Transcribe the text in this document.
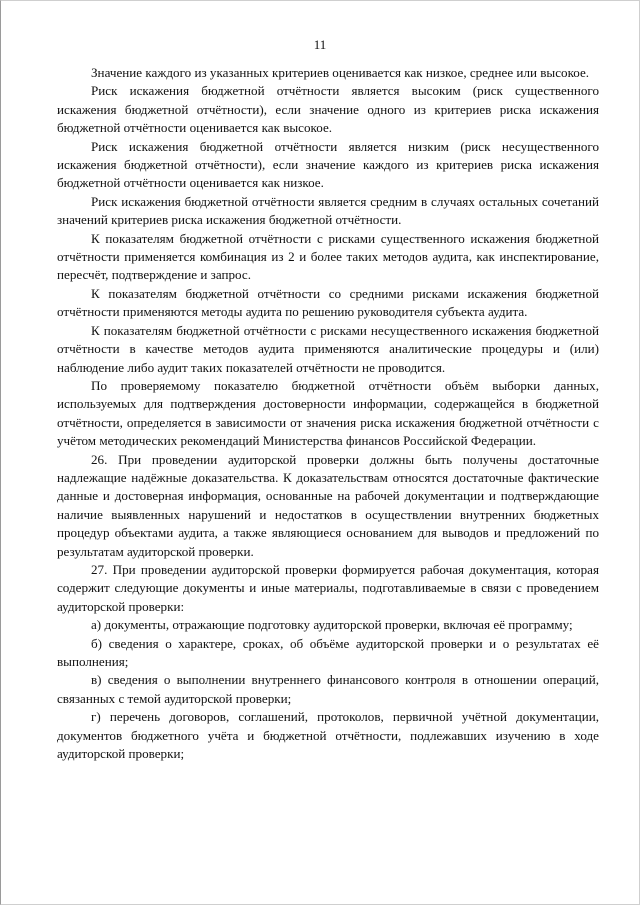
11

Значение каждого из указанных критериев оценивается как низкое, среднее или высокое.

Риск искажения бюджетной отчётности является высоким (риск существенного искажения бюджетной отчётности), если значение одного из критериев риска искажения бюджетной отчётности оценивается как высокое.

Риск искажения бюджетной отчётности является низким (риск несущественного искажения бюджетной отчётности), если значение каждого из критериев риска искажения бюджетной отчётности оценивается как низкое.

Риск искажения бюджетной отчётности является средним в случаях остальных сочетаний значений критериев риска искажения бюджетной отчётности.

К показателям бюджетной отчётности с рисками существенного искажения бюджетной отчётности применяется комбинация из 2 и более таких методов аудита, как инспектирование, пересчёт, подтверждение и запрос.

К показателям бюджетной отчётности со средними рисками искажения бюджетной отчётности применяются методы аудита по решению руководителя субъекта аудита.

К показателям бюджетной отчётности с рисками несущественного искажения бюджетной отчётности в качестве методов аудита применяются аналитические процедуры и (или) наблюдение либо аудит таких показателей отчётности не проводится.

По проверяемому показателю бюджетной отчётности объём выборки данных, используемых для подтверждения достоверности информации, содержащейся в бюджетной отчётности, определяется в зависимости от значения риска искажения бюджетной отчётности с учётом методических рекомендаций Министерства финансов Российской Федерации.

26. При проведении аудиторской проверки должны быть получены достаточные надлежащие надёжные доказательства. К доказательствам относятся достаточные фактические данные и достоверная информация, основанные на рабочей документации и подтверждающие наличие выявленных нарушений и недостатков в осуществлении внутренних бюджетных процедур объектами аудита, а также являющиеся основанием для выводов и предложений по результатам аудиторской проверки.

27. При проведении аудиторской проверки формируется рабочая документация, которая содержит следующие документы и иные материалы, подготавливаемые в связи с проведением аудиторской проверки:

а) документы, отражающие подготовку аудиторской проверки, включая её программу;

б) сведения о характере, сроках, об объёме аудиторской проверки и о результатах её выполнения;

в) сведения о выполнении внутреннего финансового контроля в отношении операций, связанных с темой аудиторской проверки;

г) перечень договоров, соглашений, протоколов, первичной учётной документации, документов бюджетного учёта и бюджетной отчётности, подлежавших изучению в ходе аудиторской проверки;
